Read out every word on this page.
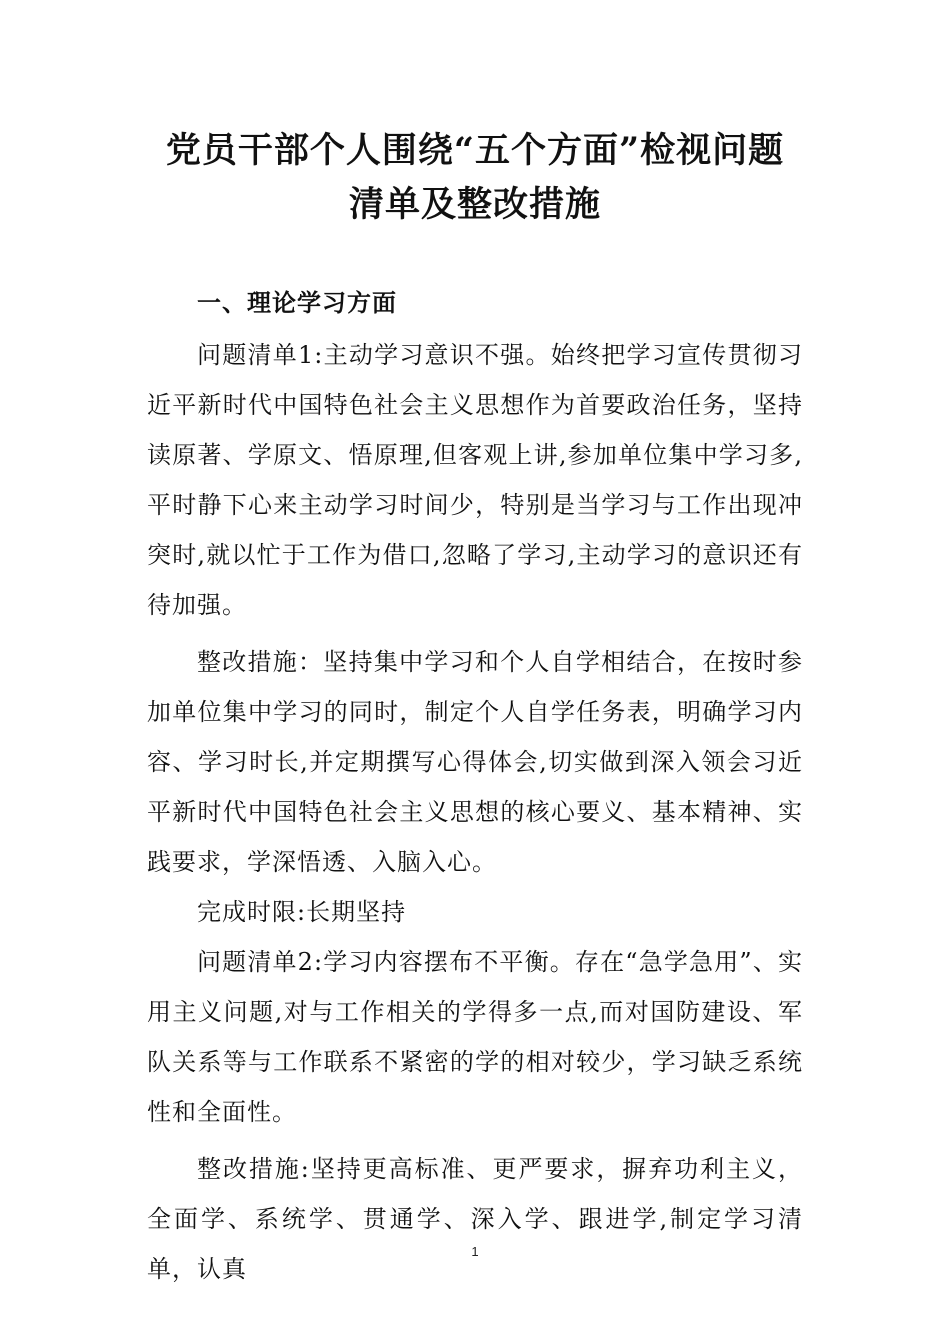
党员干部个人围绕“五个方面”检视问题
清单及整改措施

一、理论学习方面

问题清单1:主动学习意识不强。始终把学习宣传贯彻习近平新时代中国特色社会主义思想作为首要政治任务，坚持读原著、学原文、悟原理,但客观上讲,参加单位集中学习多,平时静下心来主动学习时间少，特别是当学习与工作出现冲突时,就以忙于工作为借口,忽略了学习,主动学习的意识还有待加强。

整改措施：坚持集中学习和个人自学相结合，在按时参加单位集中学习的同时，制定个人自学任务表，明确学习内容、学习时长,并定期撰写心得体会,切实做到深入领会习近平新时代中国特色社会主义思想的核心要义、基本精神、实践要求，学深悟透、入脑入心。

完成时限:长期坚持

问题清单2:学习内容摆布不平衡。存在“急学急用”、实用主义问题,对与工作相关的学得多一点,而对国防建设、军队关系等与工作联系不紧密的学的相对较少，学习缺乏系统性和全面性。

整改措施:坚持更高标准、更严要求，摒弃功利主义，全面学、系统学、贯通学、深入学、跟进学,制定学习清单，认真

1
